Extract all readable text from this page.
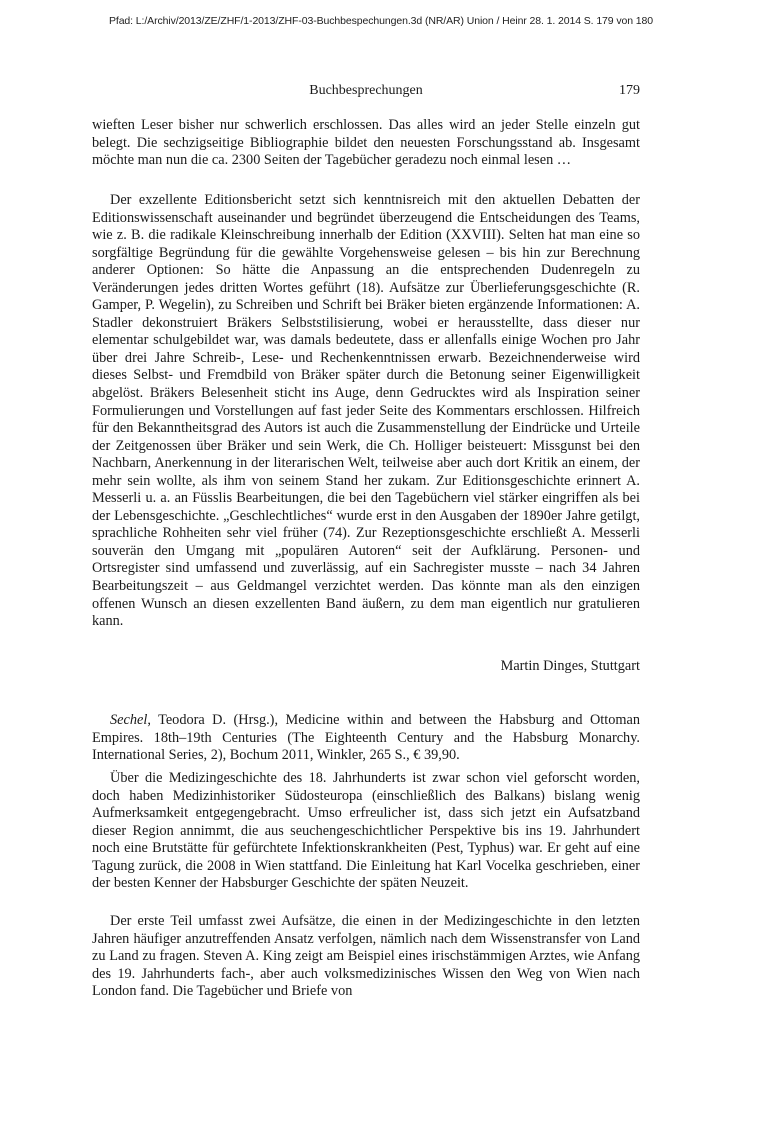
Pfad: L:/Archiv/2013/ZE/ZHF/1-2013/ZHF-03-Buchbespechungen.3d (NR/AR) Union / Heinr 28. 1. 2014 S. 179 von 180
Buchbesprechungen	179

wieften Leser bisher nur schwerlich erschlossen. Das alles wird an jeder Stelle einzeln gut belegt. Die sechzigseitige Bibliographie bildet den neuesten Forschungsstand ab. Insgesamt möchte man nun die ca. 2300 Seiten der Tagebücher geradezu noch einmal lesen …

Der exzellente Editionsbericht setzt sich kenntnisreich mit den aktuellen Debatten der Editionswissenschaft auseinander und begründet überzeugend die Entscheidungen des Teams, wie z. B. die radikale Kleinschreibung innerhalb der Edition (XXVIII). Selten hat man eine so sorgfältige Begründung für die gewählte Vorgehensweise gelesen – bis hin zur Berechnung anderer Optionen: So hätte die Anpassung an die entsprechenden Dudenregeln zu Veränderungen jedes dritten Wortes geführt (18). Aufsätze zur Überlieferungsgeschichte (R. Gamper, P. Wegelin), zu Schreiben und Schrift bei Bräker bieten ergänzende Informationen: A. Stadler dekonstruiert Bräkers Selbststilisierung, wobei er herausstellte, dass dieser nur elementar schulgebildet war, was damals bedeutete, dass er allenfalls einige Wochen pro Jahr über drei Jahre Schreib-, Lese- und Rechenkenntnissen erwarb. Bezeichnenderweise wird dieses Selbst- und Fremdbild von Bräker später durch die Betonung seiner Eigenwilligkeit abgelöst. Bräkers Belesenheit sticht ins Auge, denn Gedrucktes wird als Inspiration seiner Formulierungen und Vorstellungen auf fast jeder Seite des Kommentars erschlossen. Hilfreich für den Bekanntheitsgrad des Autors ist auch die Zusammenstellung der Eindrücke und Urteile der Zeitgenossen über Bräker und sein Werk, die Ch. Holliger beisteuert: Missgunst bei den Nachbarn, Anerkennung in der literarischen Welt, teilweise aber auch dort Kritik an einem, der mehr sein wollte, als ihm von seinem Stand her zukam. Zur Editionsgeschichte erinnert A. Messerli u. a. an Füsslis Bearbeitungen, die bei den Tagebüchern viel stärker eingriffen als bei der Lebensgeschichte. „Geschlechtliches“ wurde erst in den Ausgaben der 1890er Jahre getilgt, sprachliche Rohheiten sehr viel früher (74). Zur Rezeptionsgeschichte erschließt A. Messerli souverän den Umgang mit „populären Autoren“ seit der Aufklärung. Personen- und Ortsregister sind umfassend und zuverlässig, auf ein Sachregister musste – nach 34 Jahren Bearbeitungszeit – aus Geldmangel verzichtet werden. Das könnte man als den einzigen offenen Wunsch an diesen exzellenten Band äußern, zu dem man eigentlich nur gratulieren kann.

Martin Dinges, Stuttgart

Sechel, Teodora D. (Hrsg.), Medicine within and between the Habsburg and Ottoman Empires. 18th–19th Centuries (The Eighteenth Century and the Habsburg Monarchy. International Series, 2), Bochum 2011, Winkler, 265 S., € 39,90.

Über die Medizingeschichte des 18. Jahrhunderts ist zwar schon viel geforscht worden, doch haben Medizinhistoriker Südosteuropa (einschließlich des Balkans) bislang wenig Aufmerksamkeit entgegengebracht. Umso erfreulicher ist, dass sich jetzt ein Aufsatzband dieser Region annimmt, die aus seuchengeschichtlicher Perspektive bis ins 19. Jahrhundert noch eine Brutstätte für gefürchtete Infektionskrankheiten (Pest, Typhus) war. Er geht auf eine Tagung zurück, die 2008 in Wien stattfand. Die Einleitung hat Karl Vocelka geschrieben, einer der besten Kenner der Habsburger Geschichte der späten Neuzeit.

Der erste Teil umfasst zwei Aufsätze, die einen in der Medizingeschichte in den letzten Jahren häufiger anzutreffenden Ansatz verfolgen, nämlich nach dem Wissenstransfer von Land zu Land zu fragen. Steven A. King zeigt am Beispiel eines irischstämmigen Arztes, wie Anfang des 19. Jahrhunderts fach-, aber auch volksmedizinisches Wissen den Weg von Wien nach London fand. Die Tagebücher und Briefe von
